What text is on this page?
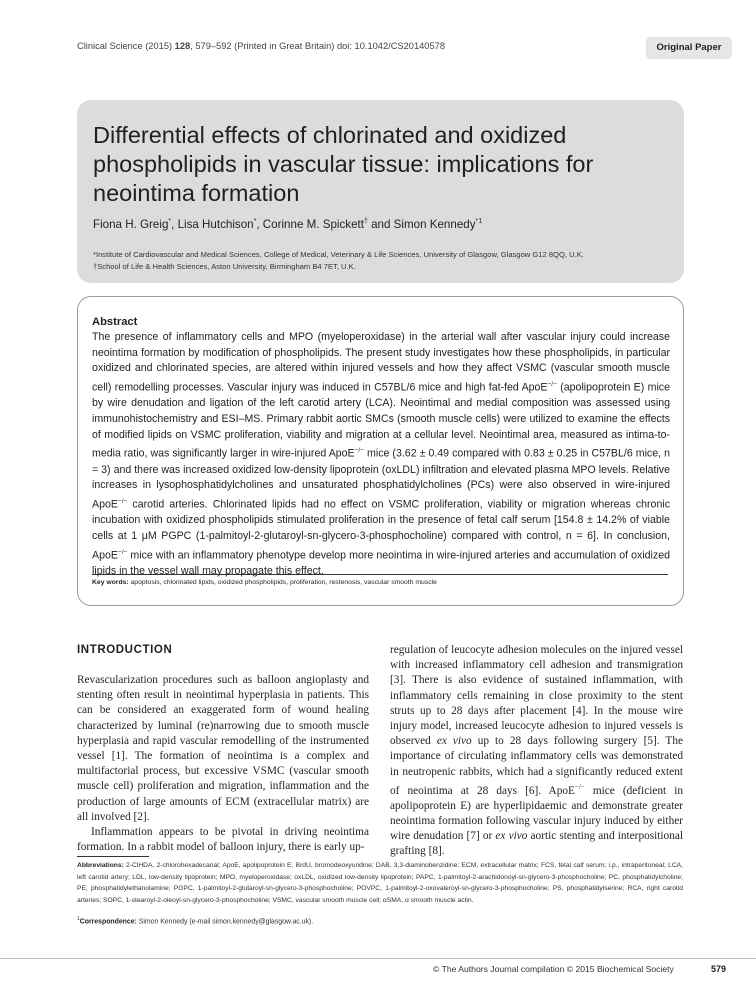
Clinical Science (2015) 128, 579–592 (Printed in Great Britain) doi: 10.1042/CS20140578	Original Paper
Differential effects of chlorinated and oxidized phospholipids in vascular tissue: implications for neointima formation
Fiona H. Greig*, Lisa Hutchison*, Corinne M. Spickett† and Simon Kennedy$^{*1}$
*Institute of Cardiovascular and Medical Sciences, College of Medical, Veterinary & Life Sciences, University of Glasgow, Glasgow G12 8QQ, U.K.
†School of Life & Health Sciences, Aston University, Birmingham B4 7ET, U.K.
Abstract
The presence of inflammatory cells and MPO (myeloperoxidase) in the arterial wall after vascular injury could increase neointima formation by modification of phospholipids. The present study investigates how these phospholipids, in particular oxidized and chlorinated species, are altered within injured vessels and how they affect VSMC (vascular smooth muscle cell) remodelling processes. Vascular injury was induced in C57BL/6 mice and high fat-fed ApoE−/− (apolipoprotein E) mice by wire denudation and ligation of the left carotid artery (LCA). Neointimal and medial composition was assessed using immunohistochemistry and ESI–MS. Primary rabbit aortic SMCs (smooth muscle cells) were utilized to examine the effects of modified lipids on VSMC proliferation, viability and migration at a cellular level. Neointimal area, measured as intima-to-media ratio, was significantly larger in wire-injured ApoE−/− mice (3.62 ± 0.49 compared with 0.83 ± 0.25 in C57BL/6 mice, n = 3) and there was increased oxidized low-density lipoprotein (oxLDL) infiltration and elevated plasma MPO levels. Relative increases in lysophosphatidylcholines and unsaturated phosphatidylcholines (PCs) were also observed in wire-injured ApoE−/− carotid arteries. Chlorinated lipids had no effect on VSMC proliferation, viability or migration whereas chronic incubation with oxidized phospholipids stimulated proliferation in the presence of fetal calf serum [154.8 ± 14.2% of viable cells at 1 μM PGPC (1-palmitoyl-2-glutaroyl-sn-glycero-3-phosphocholine) compared with control, n = 6]. In conclusion, ApoE−/− mice with an inflammatory phenotype develop more neointima in wire-injured arteries and accumulation of oxidized lipids in the vessel wall may propagate this effect.
Key words: apoptosis, chlorinated lipids, oxidized phospholipids, proliferation, restenosis, vascular smooth muscle
INTRODUCTION

Revascularization procedures such as balloon angioplasty and stenting often result in neointimal hyperplasia in patients. This can be considered an exaggerated form of wound healing characterized by luminal (re)narrowing due to smooth muscle hyperplasia and rapid vascular remodelling of the instrumented vessel [1]. The formation of neointima is a complex and multifactorial process, but excessive VSMC (vascular smooth muscle cell) proliferation and migration, inflammation and the production of large amounts of ECM (extracellular matrix) are all involved [2].

Inflammation appears to be pivotal in driving neointima formation. In a rabbit model of balloon injury, there is early up-

regulation of leucocyte adhesion molecules on the injured vessel with increased inflammatory cell adhesion and transmigration [3]. There is also evidence of sustained inflammation, with inflammatory cells remaining in close proximity to the stent struts up to 28 days after placement [4]. In the mouse wire injury model, increased leucocyte adhesion to injured vessels is observed ex vivo up to 28 days following surgery [5]. The importance of circulating inflammatory cells was demonstrated in neutropenic rabbits, which had a significantly reduced extent of neointima at 28 days [6]. ApoE−/− mice (deficient in apolipoprotein E) are hyperlipidaemic and demonstrate greater neointima formation following vascular injury induced by either wire denudation [7] or ex vivo aortic stenting and interpositional grafting [8].

Abbreviations: 2-ClHDA, 2-chlorohexadecanal; ApoE, apolipoprotein E; BrdU, bromodeoxyuridine; DAB, 3,3-diaminobenzidine; ECM, extracellular matrix; FCS, fetal calf serum; i.p., intraperitoneal; LCA, left carotid artery; LDL, low-density lipoprotein; MPO, myeloperoxidase; oxLDL, oxidized low-density lipoprotein; PAPC, 1-palmitoyl-2-arachidonoyl-sn-glycero-3-phosphocholine; PC, phosphatidylcholine; PE, phosphatidylethanolamine; PGPC, 1-palmitoyl-2-glutaroyl-sn-glycero-3-phosphocholine; POVPC, 1-palmitoyl-2-oxovaleroyl-sn-glycero-3-phosphocholine; PS, phosphatidylserine; RCA, right carotid arteries; SOPC, 1-stearoyl-2-oleoyl-sn-glycero-3-phosphocholine; VSMC, vascular smooth muscle cell; αSMA, α smooth muscle actin.
$^1$Correspondence: Simon Kennedy (e-mail simon.kennedy@glasgow.ac.uk).
© The Authors Journal compilation © 2015 Biochemical Society	579
